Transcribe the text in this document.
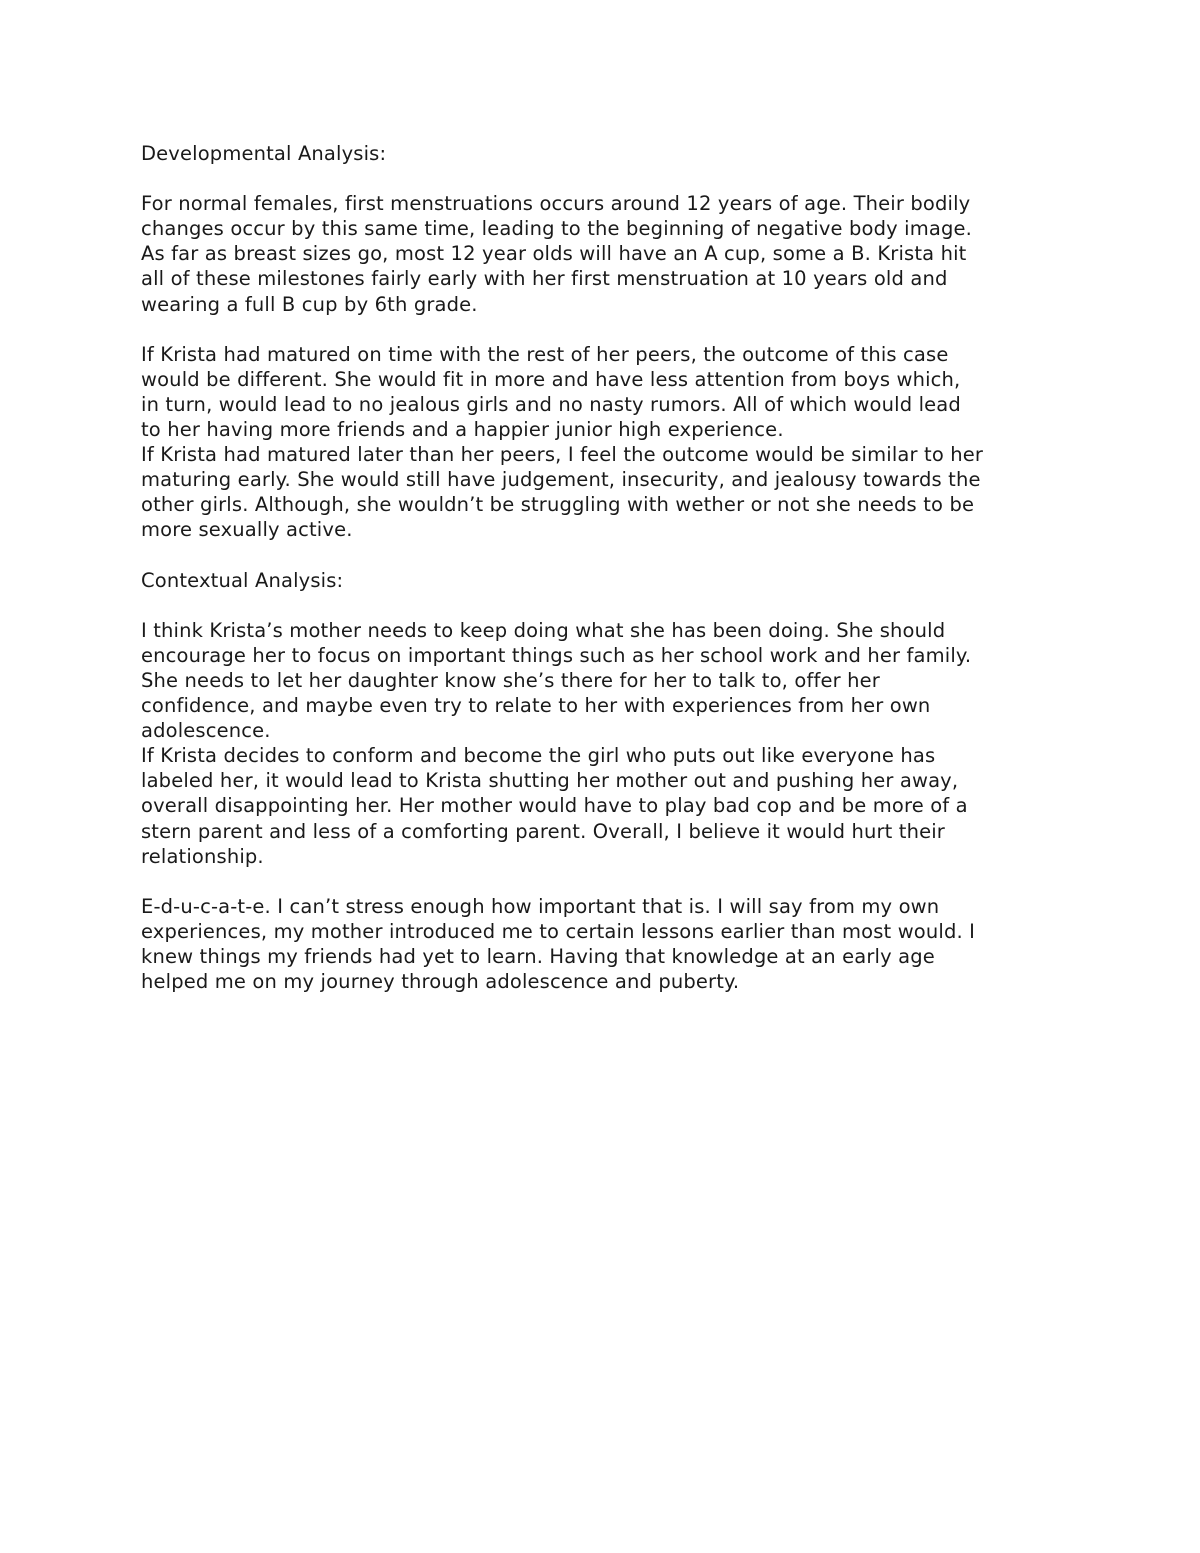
Developmental Analysis:
For normal females, first menstruations occurs around 12 years of age. Their bodily
changes occur by this same time, leading to the beginning of negative body image.
As far as breast sizes go, most 12 year olds will have an A cup, some a B. Krista hit
all of these milestones fairly early with her first menstruation at 10 years old and
wearing a full B cup by 6th grade.
If Krista had matured on time with the rest of her peers, the outcome of this case
would be different. She would fit in more and have less attention from boys which,
in turn, would lead to no jealous girls and no nasty rumors. All of which would lead
to her having more friends and a happier junior high experience.
If Krista had matured later than her peers, I feel the outcome would be similar to her
maturing early. She would still have judgement, insecurity, and jealousy towards the
other girls. Although, she wouldn’t be struggling with wether or not she needs to be
more sexually active.
Contextual Analysis:
I think Krista’s mother needs to keep doing what she has been doing. She should
encourage her to focus on important things such as her school work and her family.
She needs to let her daughter know she’s there for her to talk to, offer her
confidence, and maybe even try to relate to her with experiences from her own
adolescence.
If Krista decides to conform and become the girl who puts out like everyone has
labeled her, it would lead to Krista shutting her mother out and pushing her away,
overall disappointing her. Her mother would have to play bad cop and be more of a
stern parent and less of a comforting parent. Overall, I believe it would hurt their
relationship.
E-d-u-c-a-t-e. I can’t stress enough how important that is. I will say from my own
experiences, my mother introduced me to certain lessons earlier than most would. I
knew things my friends had yet to learn. Having that knowledge at an early age
helped me on my journey through adolescence and puberty.
